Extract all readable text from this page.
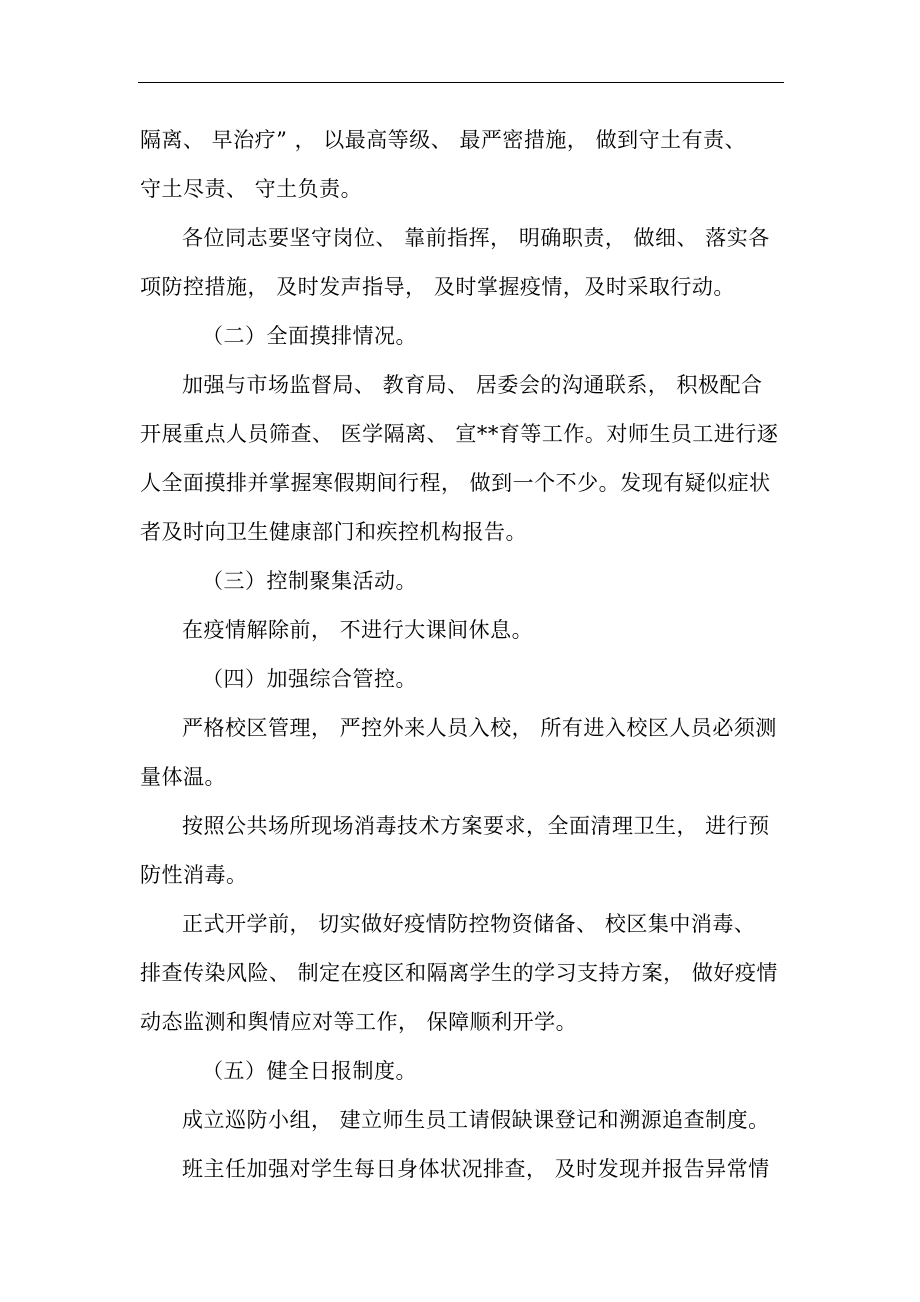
隔离、 早治疗” ， 以最高等级、 最严密措施， 做到守土有责、
守土尽责、 守土负责。
各位同志要坚守岗位、 靠前指挥， 明确职责， 做细、 落实各
项防控措施， 及时发声指导， 及时掌握疫情，及时采取行动。
（二）全面摸排情况。
加强与市场监督局、 教育局、 居委会的沟通联系， 积极配合
开展重点人员筛查、 医学隔离、 宣**育等工作。对师生员工进行逐
人全面摸排并掌握寒假期间行程， 做到一个不少。发现有疑似症状
者及时向卫生健康部门和疾控机构报告。
（三）控制聚集活动。
在疫情解除前， 不进行大课间休息。
（四）加强综合管控。
严格校区管理， 严控外来人员入校， 所有进入校区人员必须测
量体温。
按照公共场所现场消毒技术方案要求，全面清理卫生， 进行预
防性消毒。
正式开学前， 切实做好疫情防控物资储备、 校区集中消毒、
排查传染风险、 制定在疫区和隔离学生的学习支持方案， 做好疫情
动态监测和舆情应对等工作， 保障顺利开学。
（五）健全日报制度。
成立巡防小组， 建立师生员工请假缺课登记和溯源追查制度。
班主任加强对学生每日身体状况排查， 及时发现并报告异常情
